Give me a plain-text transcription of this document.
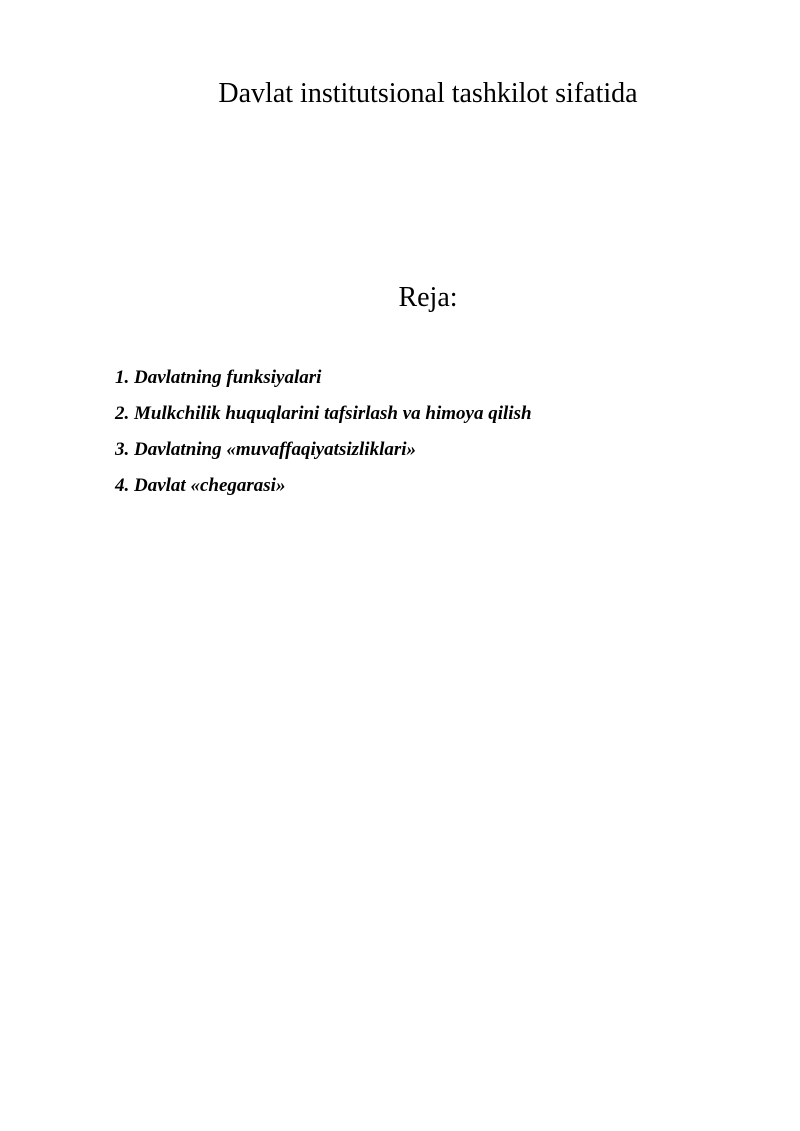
Davlat institutsional tashkilot sifatida
Reja:
1. Davlatning funksiyalari
2. Mulkchilik huquqlarini tafsirlash va himoya qilish
3. Davlatning «muvaffaqiyatsizliklari»
4. Davlat «chegarasi»
